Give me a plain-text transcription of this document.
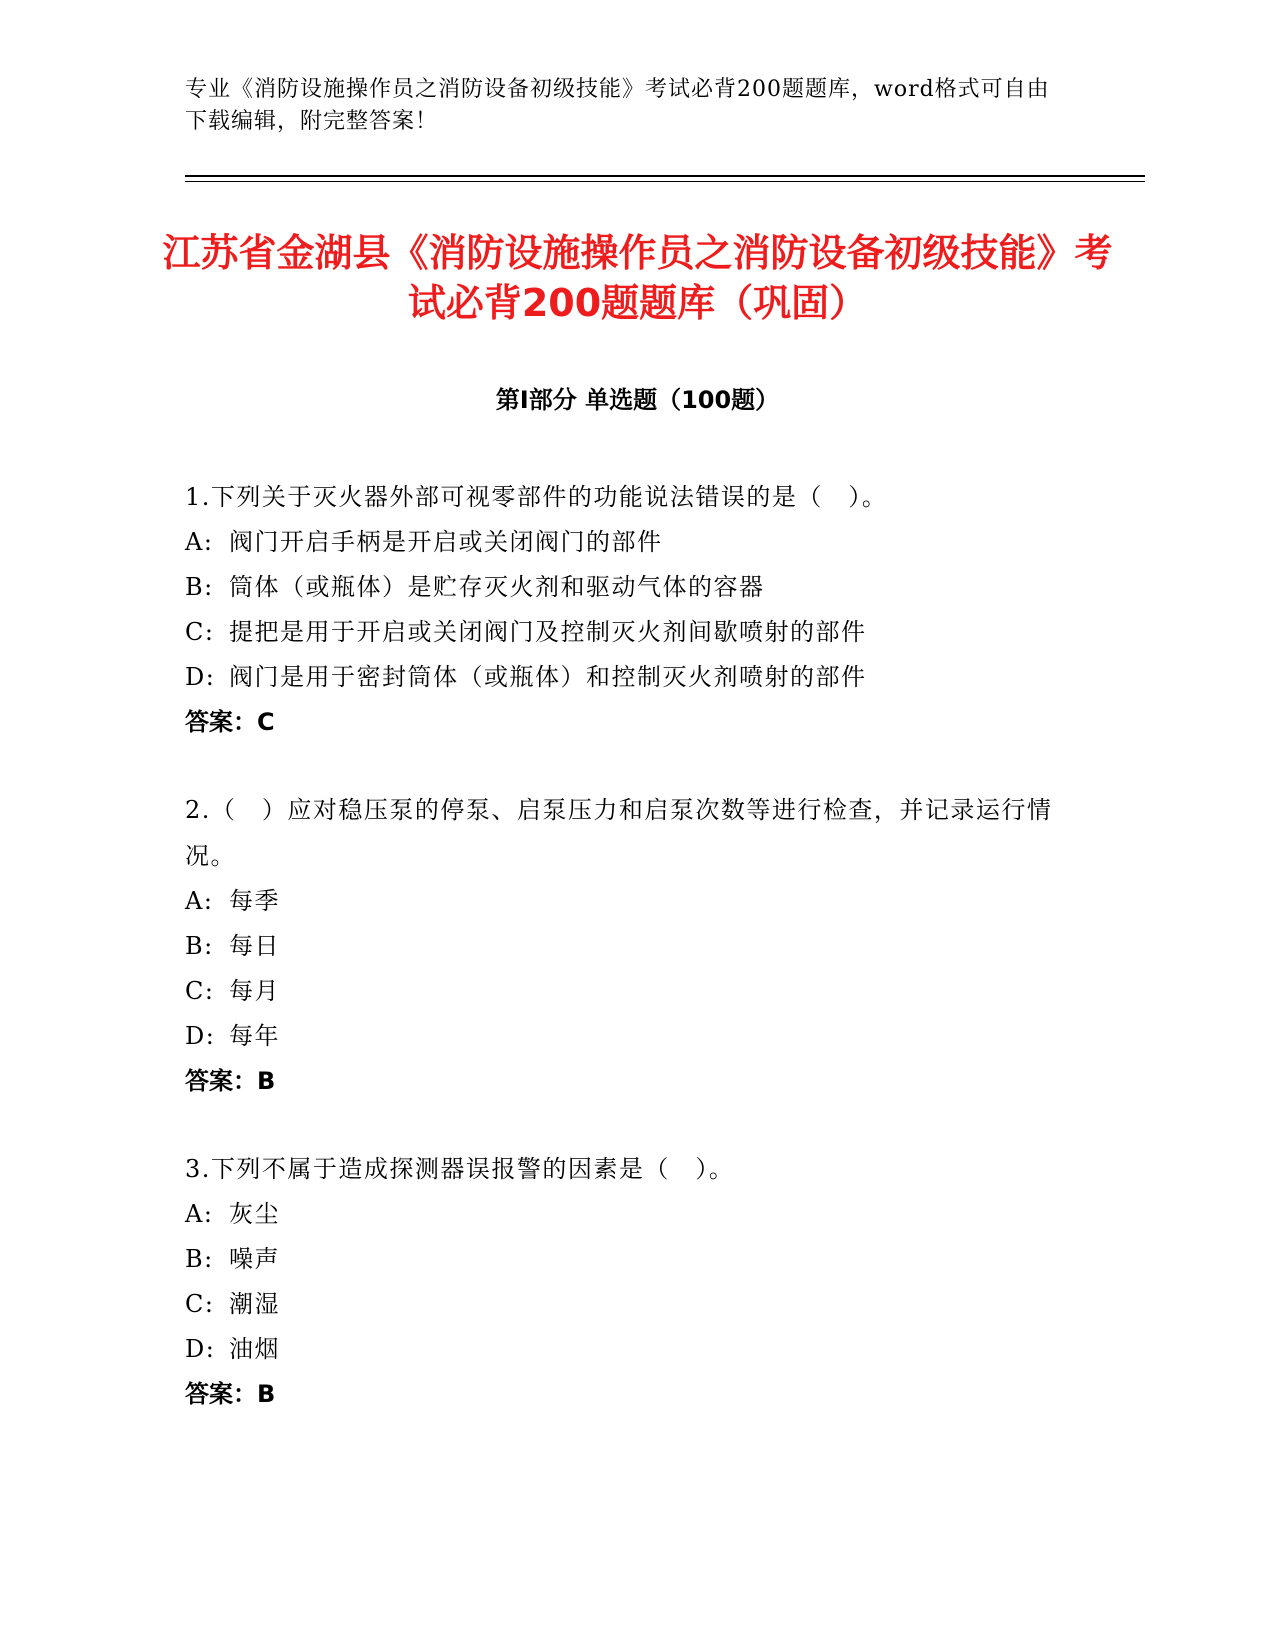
专业《消防设施操作员之消防设备初级技能》考试必背200题题库，word格式可自由下载编辑，附完整答案！
江苏省金湖县《消防设施操作员之消防设备初级技能》考试必背200题题库（巩固）
第Ⅰ部分 单选题（100题）
1.下列关于灭火器外部可视零部件的功能说法错误的是（　）。
A: 阀门开启手柄是开启或关闭阀门的部件
B: 筒体（或瓶体）是贮存灭火剂和驱动气体的容器
C: 提把是用于开启或关闭阀门及控制灭火剂间歇喷射的部件
D: 阀门是用于密封筒体（或瓶体）和控制灭火剂喷射的部件
答案：C
2.（　）应对稳压泵的停泵、启泵压力和启泵次数等进行检查，并记录运行情况。
A: 每季
B: 每日
C: 每月
D: 每年
答案：B
3.下列不属于造成探测器误报警的因素是（　）。
A: 灰尘
B: 噪声
C: 潮湿
D: 油烟
答案：B
